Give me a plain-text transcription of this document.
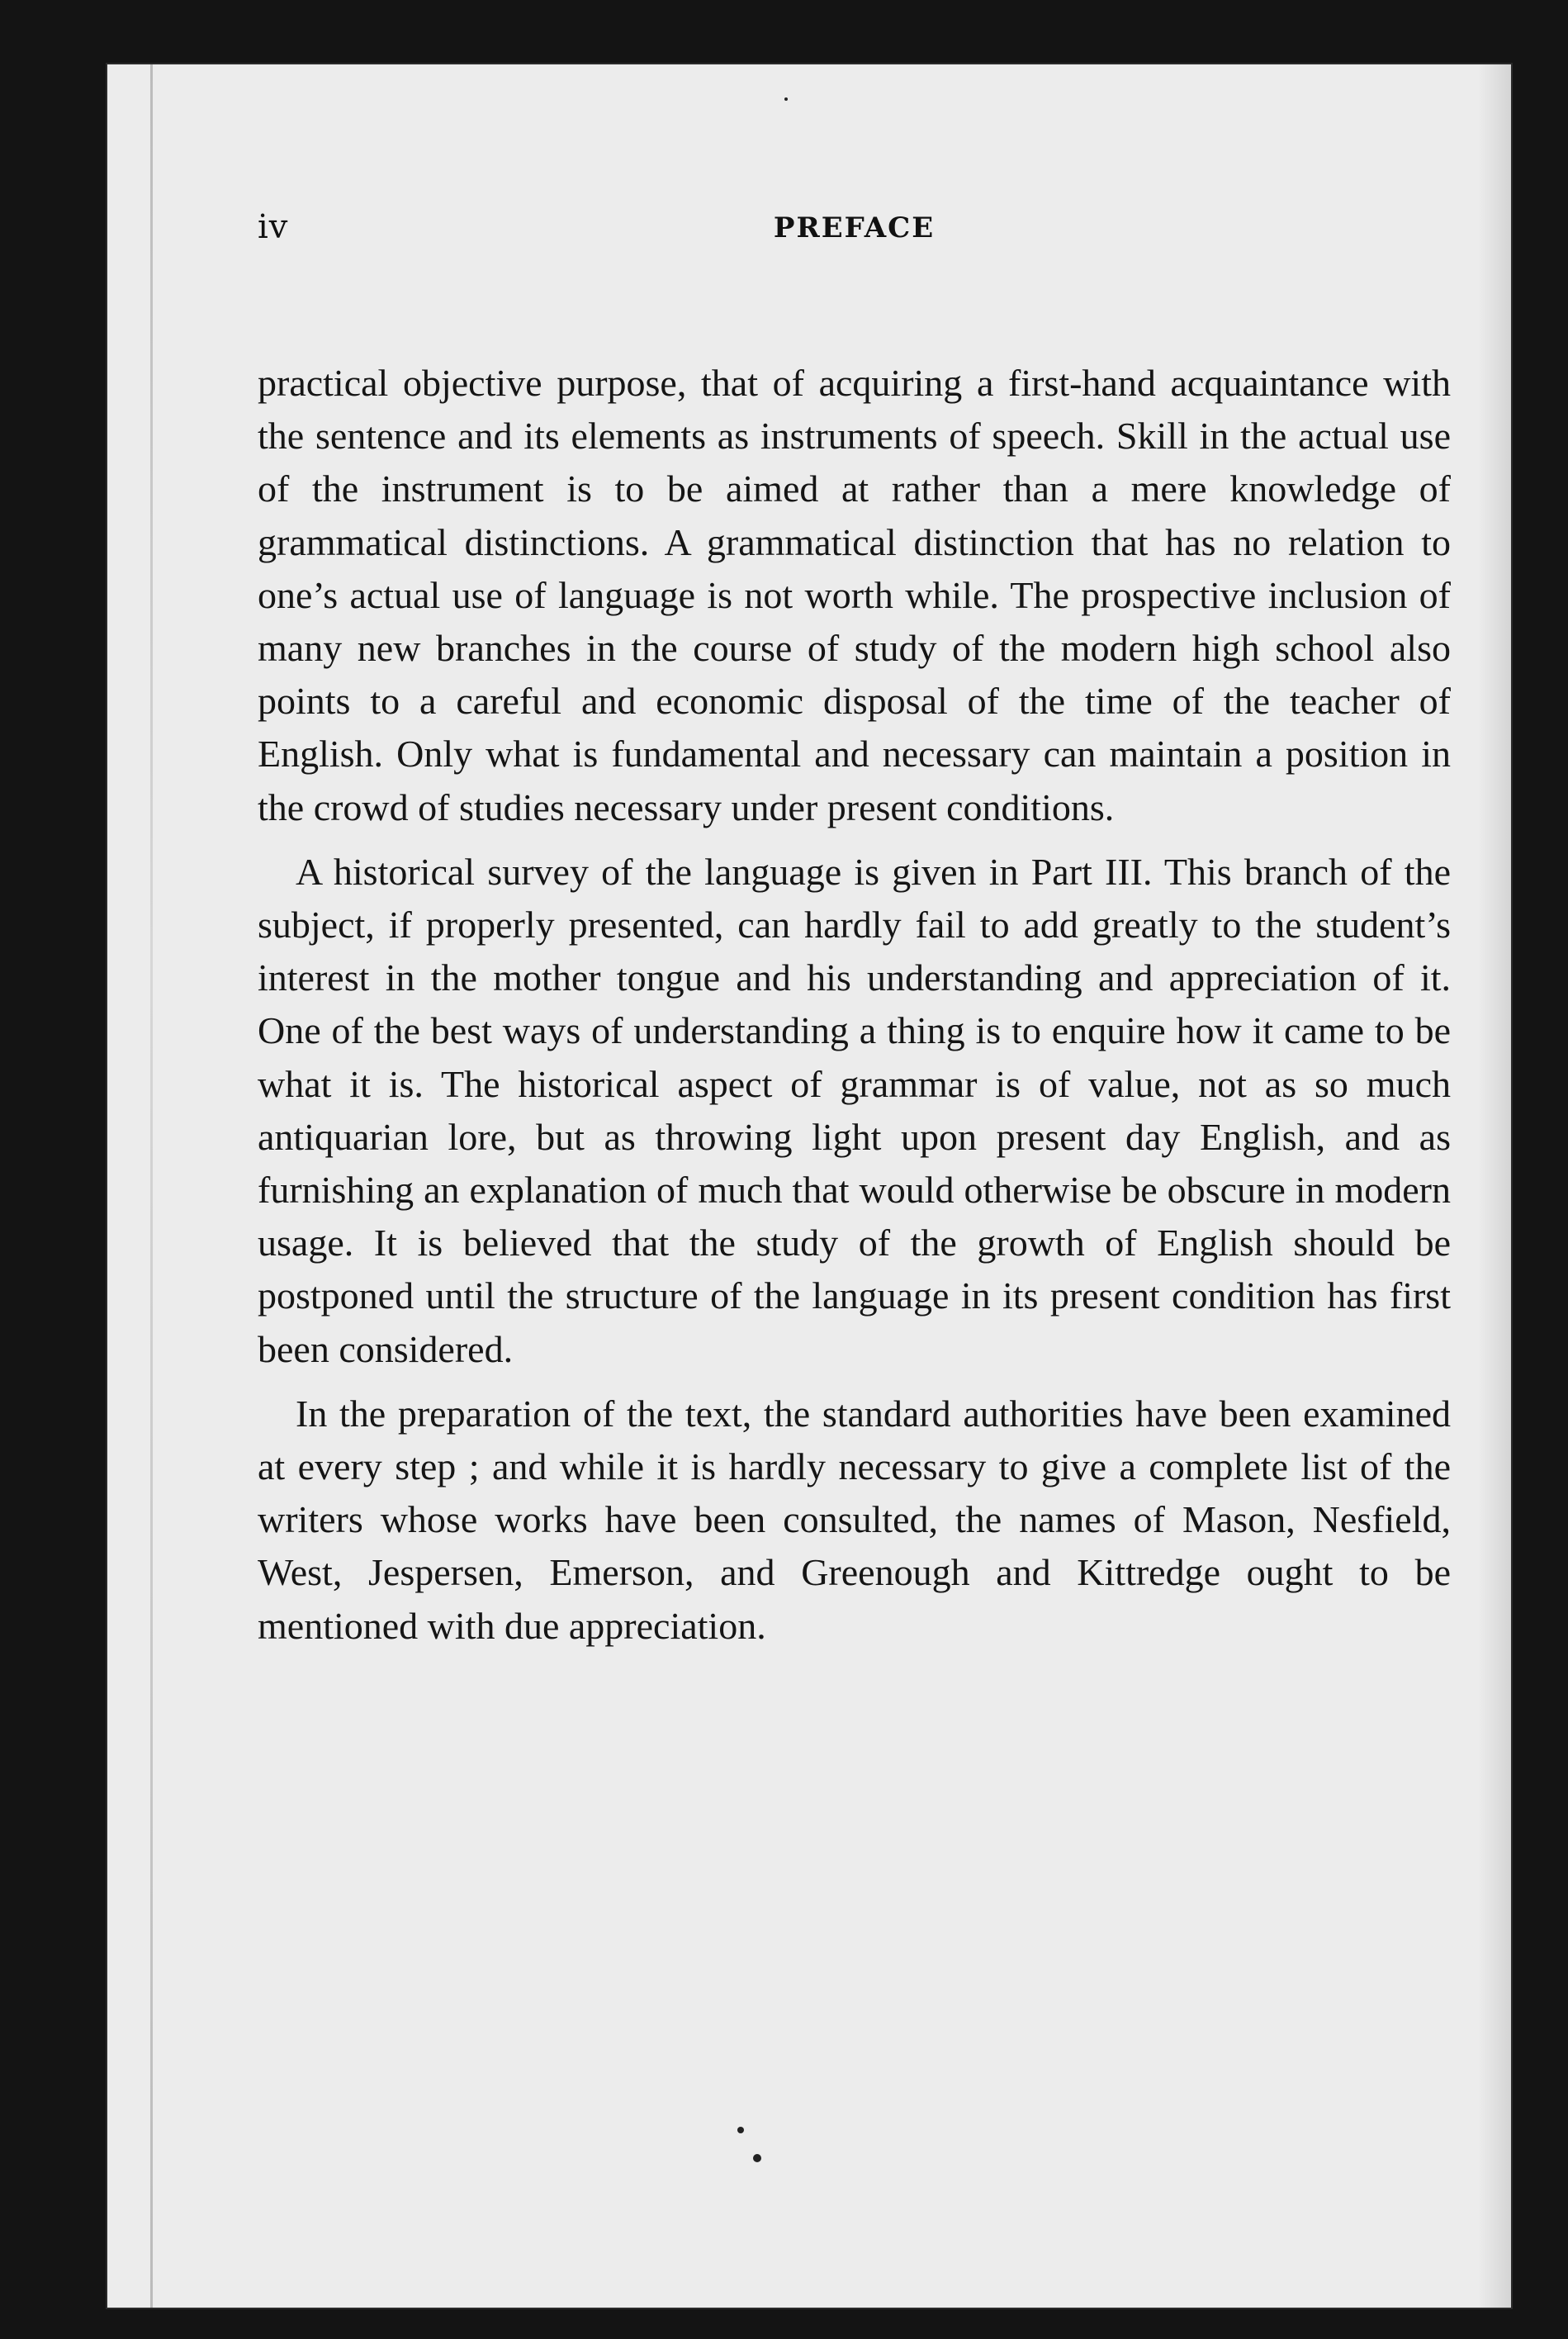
iv	PREFACE

practical objective purpose, that of acquiring a first-hand acquaintance with the sentence and its elements as instruments of speech. Skill in the actual use of the instrument is to be aimed at rather than a mere knowledge of grammatical distinctions. A grammatical distinction that has no relation to one’s actual use of language is not worth while. The prospective inclusion of many new branches in the course of study of the modern high school also points to a careful and economic disposal of the time of the teacher of English. Only what is fundamental and necessary can maintain a position in the crowd of studies necessary under present conditions.

A historical survey of the language is given in Part III. This branch of the subject, if properly presented, can hardly fail to add greatly to the student’s interest in the mother tongue and his understanding and appreciation of it. One of the best ways of understanding a thing is to enquire how it came to be what it is. The historical aspect of grammar is of value, not as so much antiquarian lore, but as throwing light upon present day English, and as furnishing an explanation of much that would otherwise be obscure in modern usage. It is believed that the study of the growth of English should be postponed until the structure of the language in its present condition has first been considered.

In the preparation of the text, the standard authorities have been examined at every step ; and while it is hardly necessary to give a complete list of the writers whose works have been consulted, the names of Mason, Nesfield, West, Jespersen, Emerson, and Greenough and Kittredge ought to be mentioned with due appreciation.
